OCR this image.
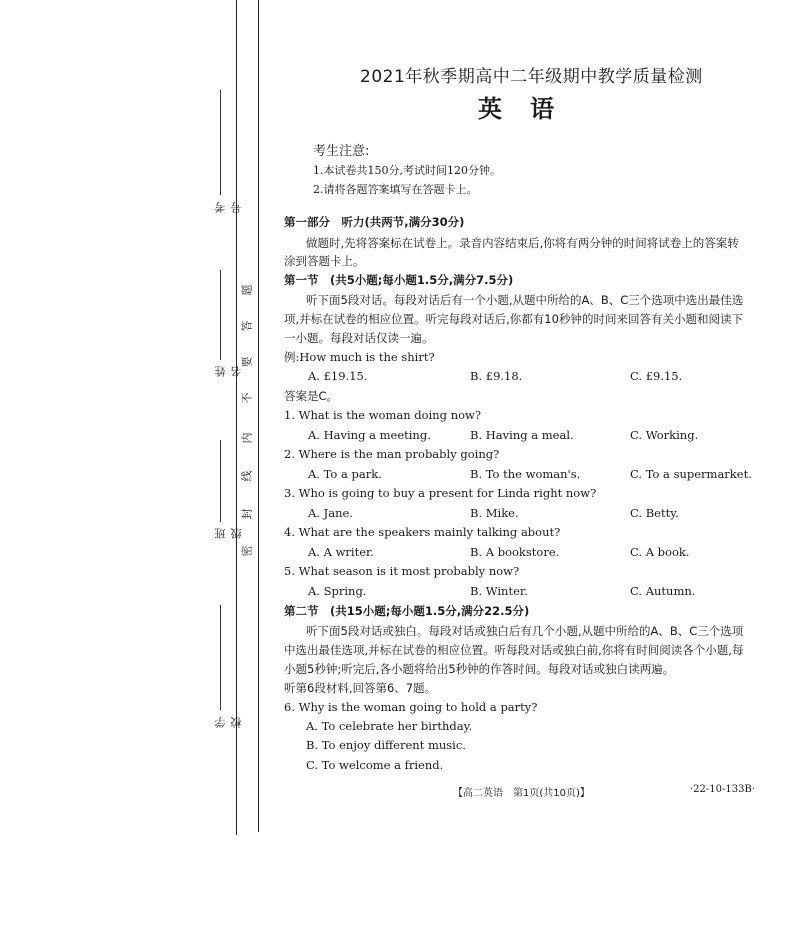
考号
姓名
班级
学校
题
答
要
不
内
线
封
密
2021年秋季期高中二年级期中教学质量检测
英语
考生注意:
1.本试卷共150分,考试时间120分钟。
2.请将各题答案填写在答题卡上。
第一部分　听力(共两节,满分30分)
做题时,先将答案标在试卷上。录音内容结束后,你将有两分钟的时间将试卷上的答案转
涂到答题卡上。
第一节　(共5小题;每小题1.5分,满分7.5分)
听下面5段对话。每段对话后有一个小题,从题中所给的A、B、C三个选项中选出最佳选
项,并标在试卷的相应位置。听完每段对话后,你都有10秒钟的时间来回答有关小题和阅读下
一小题。每段对话仅读一遍。
例:How much is the shirt?
A. £19.15.	B. £9.18.	C. £9.15.
答案是C。
1. What is the woman doing now?
A. Having a meeting.	B. Having a meal.	C. Working.
2. Where is the man probably going?
A. To a park.	B. To the woman's.	C. To a supermarket.
3. Who is going to buy a present for Linda right now?
A. Jane.	B. Mike.	C. Betty.
4. What are the speakers mainly talking about?
A. A writer.	B. A bookstore.	C. A book.
5. What season is it most probably now?
A. Spring.	B. Winter.	C. Autumn.
第二节　(共15小题;每小题1.5分,满分22.5分)
听下面5段对话或独白。每段对话或独白后有几个小题,从题中所给的A、B、C三个选项
中选出最佳选项,并标在试卷的相应位置。听每段对话或独白前,你将有时间阅读各个小题,每
小题5秒钟;听完后,各小题将给出5秒钟的作答时间。每段对话或独白读两遍。
听第6段材料,回答第6、7题。
6. Why is the woman going to hold a party?
A. To celebrate her birthday.
B. To enjoy different music.
C. To welcome a friend.
【高二英语　第1页(共10页)】	·22-10-133B·
